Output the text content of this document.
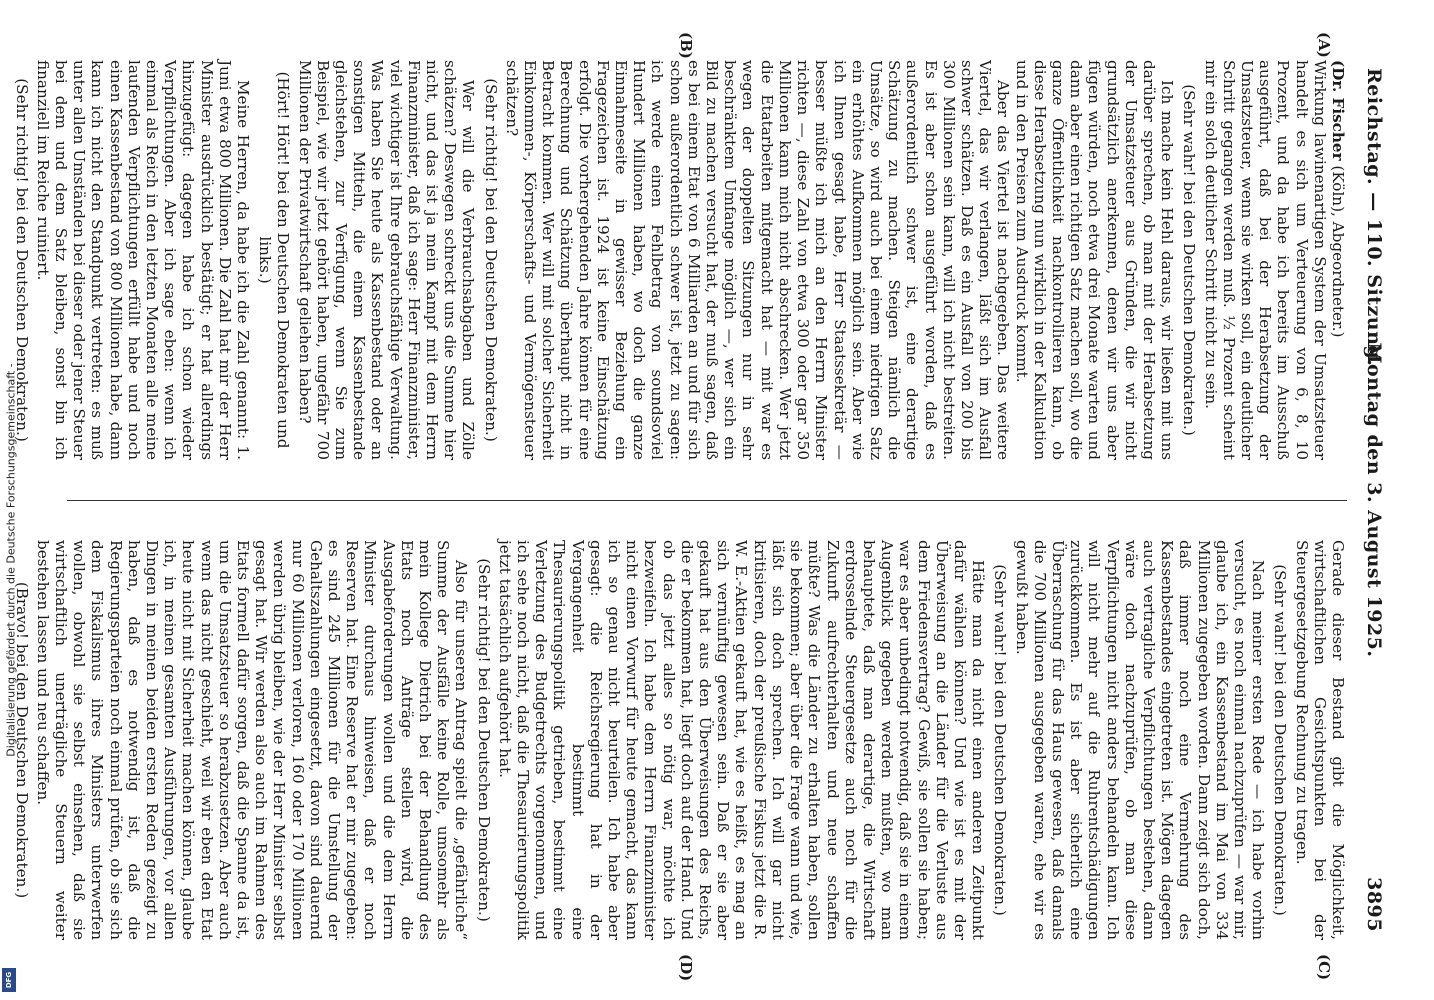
Reichstag. — 110. Sitzung.
Montag den 3. August 1925.
3895
(A)
(B)
(C)
(D)

(Dr. Fischer (Köln), Abgeordneter.)

Wirkung lawinenartigen System der Umsatzsteuer handelt es sich um Verteuerung von 6, 8, 10 Prozent, und da habe ich bereits im Ausschuß ausgeführt, daß bei der Herabsetzung der Umsatzsteuer, wenn sie wirken soll, ein deutlicher Schritt gegangen werden muß. ½ Prozent scheint mir ein solch deutlicher Schritt nicht zu sein.

(Sehr wahr! bei den Deutschen Demokraten.)

Ich mache kein Hehl daraus, wir ließen mit uns darüber sprechen, ob man mit der Herabsetzung der Umsatzsteuer aus Gründen, die wir nicht grundsätzlich anerkennen, denen wir uns aber fügen würden, noch etwa drei Monate warten und dann aber einen richtigen Satz machen soll, wo die ganze Öffentlichkeit nachkontrollieren kann, ob diese Herabsetzung nun wirklich in der Kalkulation und in den Preisen zum Ausdruck kommt.

Aber das Viertel ist nachgegeben. Das weitere Viertel, das wir verlangen, läßt sich im Ausfall schwer schätzen. Daß es ein Ausfall von 200 bis 300 Millionen sein kann, will ich nicht bestreiten. Es ist aber schon ausgeführt worden, daß es außerordentlich schwer ist, eine derartige Schätzung zu machen. Steigen nämlich die Umsätze, so wird auch bei einem niedrigen Satz ein erhöhtes Aufkommen möglich sein. Aber wie ich Ihnen gesagt habe, Herr Staatssekretär — besser müßte ich mich an den Herrn Minister richten —, diese Zahl von etwa 300 oder gar 350 Millionen kann mich nicht abschrecken. Wer jetzt die Etatarbeiten mitgemacht hat — mit war es wegen der doppelten Sitzungen nur in sehr beschränktem Umfange möglich —, wer sich ein Bild zu machen versucht hat, der muß sagen, daß es bei einem Etat von 6 Milliarden an und für sich schon außerordentlich schwer ist, jetzt zu sagen: ich werde einen Fehlbetrag von soundsoviel Hundert Millionen haben, wo doch die ganze Einnahmeseite in gewisser Beziehung ein Fragezeichen ist. 1924 ist keine Einschätzung erfolgt. Die vorhergehenden Jahre können für eine Berechnung und Schätzung überhaupt nicht in Betracht kommen. Wer will mit solcher Sicherheit Einkommen-, Körperschafts- und Vermögensteuer schätzen?

(Sehr richtig! bei den Deutschen Demokraten.)

Wer will die Verbrauchsabgaben und Zölle schätzen? Deswegen schreckt uns die Summe hier nicht, und das ist ja mein Kampf mit dem Herrn Finanzminister, daß ich sage: Herr Finanzminister, viel wichtiger ist Ihre gebrauchsfähige Verwaltung. Was haben Sie heute als Kassenbestand oder an sonstigen Mitteln, die einem Kassenbestande gleichstehen, zur Verfügung, wenn Sie zum Beispiel, wie wir jetzt gehört haben, ungefähr 700 Millionen der Privatwirtschaft geliehen haben?

(Hört! Hört! bei den Deutschen Demokraten und links.)

Meine Herren, da habe ich die Zahl genannt: 1. Juni etwa 800 Millionen. Die Zahl hat mir der Herr Minister ausdrücklich bestätigt; er hat allerdings hinzugefügt: dagegen habe ich schon wieder Verpflichtungen. Aber ich sage eben: wenn ich einmal als Reich in den letzten Monaten alle meine laufenden Verpflichtungen erfüllt habe und noch einen Kassenbestand von 800 Millionen habe, dann kann ich nicht den Standpunkt vertreten: es muß unter allen Umständen bei dieser oder jener Steuer bei dem und dem Satz bleiben, sonst bin ich finanziell im Reiche ruiniert.

(Sehr richtig! bei den Deutschen Demokraten.)

Gerade dieser Bestand gibt die Möglichkeit, wirtschaftlichen Gesichtspunkten bei der Steuergesetzgebung Rechnung zu tragen.

(Sehr wahr! bei den Deutschen Demokraten.)

Nach meiner ersten Rede — ich habe vorhin versucht, es noch einmal nachzuprüfen — war mir, glaube ich, ein Kassenbestand im Mai von 334 Millionen zugegeben worden. Dann zeigt sich doch, daß immer noch eine Vermehrung des Kassenbestandes eingetreten ist. Mögen dagegen auch vertragliche Verpflichtungen bestehen, dann wäre doch nachzuprüfen, ob man diese Verpflichtungen nicht anders behandeln kann. Ich will nicht mehr auf die Ruhrentschädigungen zurückkommen. Es ist aber sicherlich eine Überraschung für das Haus gewesen, daß damals die 700 Millionen ausgegeben waren, ehe wir es gewußt haben.

(Sehr wahr! bei den Deutschen Demokraten.)

Hätte man da nicht einen anderen Zeitpunkt dafür wählen können? Und wie ist es mit der Überweisung an die Länder für die Verluste aus dem Friedensvertrag? Gewiß, sie sollen sie haben; war es aber unbedingt notwendig, daß sie in einem Augenblick gegeben werden mußten, wo man behauptete, daß man derartige, die Wirtschaft erdrosselnde Steuergesetze auch noch für die Zukunft aufrechterhalten und neue schaffen müßte? Was die Länder zu erhalten haben, sollen sie bekommen; aber über die Frage wann und wie, läßt sich doch sprechen. Ich will gar nicht kritisieren, doch der preußische Fiskus jetzt die R. W. E.-Aktien gekauft hat, wie es heißt, es mag an sich vernünftig gewesen sein. Daß er sie aber gekauft hat aus den Überweisungen des Reichs, die er bekommen hat, liegt doch auf der Hand. Und ob das jetzt alles so nötig war, möchte ich bezweifeln. Ich habe dem Herrn Finanzminister nicht einen Vorwurf für heute gemacht, das kann ich so genau nicht beurteilen. Ich habe aber gesagt: die Reichsregierung hat in der Vergangenheit bestimmt eine Thesaurierungspolitik getrieben, bestimmt eine Verletzung des Budgetrechts vorgenommen, und ich sehe noch nicht, daß die Thesaurierungspolitik jetzt tatsächlich aufgehört hat.

(Sehr richtig! bei den Deutschen Demokraten.)

Also für unseren Antrag spielt die „gefährliche“ Summe der Ausfälle keine Rolle, umsomehr als mein Kollege Dietrich bei der Behandlung des Etats noch Anträge stellen wird, die Ausgabeforderungen wollen und die dem Herrn Minister durchaus hinweisen, daß er noch Reserven hat. Eine Reserve hat er mir zugegeben: es sind 245 Millionen für die Umstellung der Gehaltszahlungen eingesetzt, davon sind dauernd nur 60 Millionen verloren, 160 oder 170 Millionen werden übrig bleiben, wie der Herr Minister selbst gesagt hat. Wir werden also auch im Rahmen des Etats formell dafür sorgen, daß die Spanne da ist, um die Umsatzsteuer so herabzusetzen. Aber auch wenn das nicht geschieht, weil wir eben den Etat heute nicht mit Sicherheit machen können, glaube ich, in meinen gesamten Ausführungen, vor allen Dingen in meinen beiden ersten Reden gezeigt zu haben, daß es notwendig ist, daß die Regierungsparteien noch einmal prüfen, ob sie sich dem Fiskalismus ihres Ministers unterwerfen wollen, obwohl sie selbst einsehen, daß sie wirtschaftlich unerträgliche Steuern weiter bestehen lassen und neu schaffen.

(Bravo! bei den Deutschen Demokraten.)

Digitalisierung gefördert durch die Deutsche Forschungsgemeinschaft -
DFG
